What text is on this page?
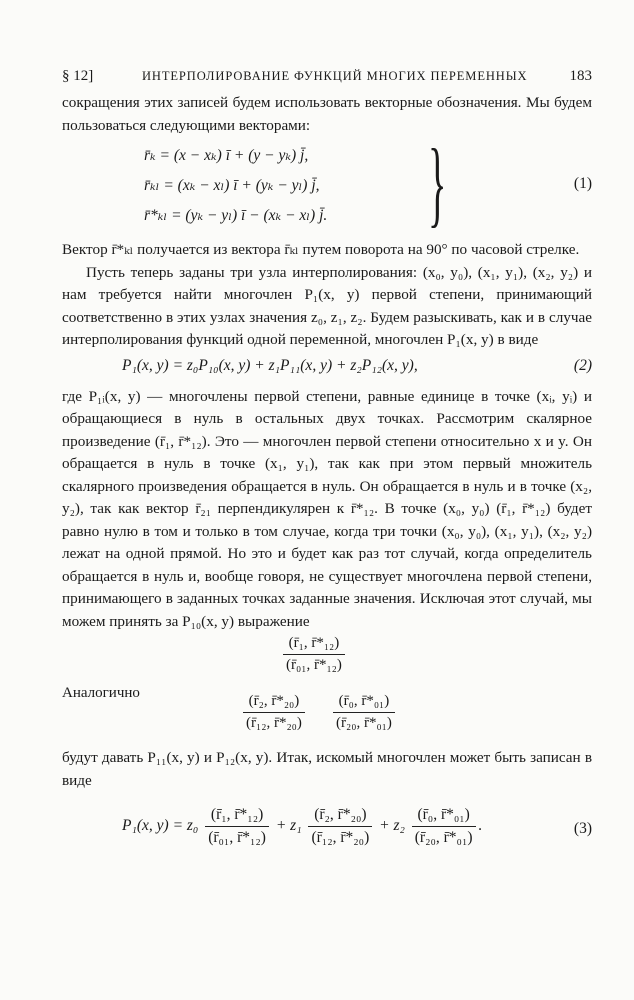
§ 12]	ИНТЕРПОЛИРОВАНИЕ ФУНКЦИЙ МНОГИХ ПЕРЕМЕННЫХ	183

сокращения этих записей будем использовать векторные обозначения. Мы будем пользоваться следующими векторами:

r̄ₖ = (x − xₖ) ī + (y − yₖ) j̄,
r̄ₖₗ = (xₖ − xₗ) ī + (yₖ − yₗ) j̄,
r̄*ₖₗ = (yₖ − yₗ) ī − (xₖ − xₗ) j̄. }	(1)

Вектор r̄*ₖₗ получается из вектора r̄ₖₗ путем поворота на 90° по часовой стрелке.

Пусть теперь заданы три узла интерполирования: (x₀, y₀), (x₁, y₁), (x₂, y₂) и нам требуется найти многочлен P₁(x, y) первой степени, принимающий соответственно в этих узлах значения z₀, z₁, z₂. Будем разыскивать, как и в случае интерполирования функций одной переменной, многочлен P₁(x, y) в виде

P₁(x, y) = z₀P₁₀(x, y) + z₁P₁₁(x, y) + z₂P₁₂(x, y),	(2)

где P₁ᵢ(x, y) — многочлены первой степени, равные единице в точке (xᵢ, yᵢ) и обращающиеся в нуль в остальных двух точках. Рассмотрим скалярное произведение (r̄₁, r̄*₁₂). Это — многочлен первой степени относительно x и y. Он обращается в нуль в точке (x₁, y₁), так как при этом первый множитель скалярного произведения обращается в нуль. Он обращается в нуль и в точке (x₂, y₂), так как вектор r̄₂₁ перпендикулярен к r̄*₁₂. В точке (x₀, y₀) (r̄₁, r̄*₁₂) будет равно нулю в том и только в том случае, когда три точки (x₀, y₀), (x₁, y₁), (x₂, y₂) лежат на одной прямой. Но это и будет как раз тот случай, когда определитель обращается в нуль и, вообще говоря, не существует многочлена первой степени, принимающего в заданных точках заданные значения. Исключая этот случай, мы можем принять за P₁₀(x, y) выражение

$\frac{\text{(r̄₁, r̄*₁₂)}}{\text{(r̄₀₁, r̄*₁₂)}}$
Аналогично	$\frac{\text{(r̄₂, r̄*₂₀)}}{\text{(r̄₁₂, r̄*₂₀)}} \frac{\text{(r̄₀, r̄*₀₁)}}{\text{(r̄₂₀, r̄*₀₁)}}$

будут давать P₁₁(x, y) и P₁₂(x, y). Итак, искомый многочлен может быть записан в виде

P₁(x, $y) = z_0 \frac{\text{(r̄₁, r̄*₁₂)}}{\text{(r̄₀₁, r̄*₁₂)}} + z_1 \frac{\text{(r̄₂, r̄*₂₀)}}{\text{(r̄₁₂, r̄*₂₀)}} + z_2 \frac{\text{(r̄₀, r̄*₀₁)}}{\text{(r̄₂₀, r̄*₀₁)}}$ .	(3)
